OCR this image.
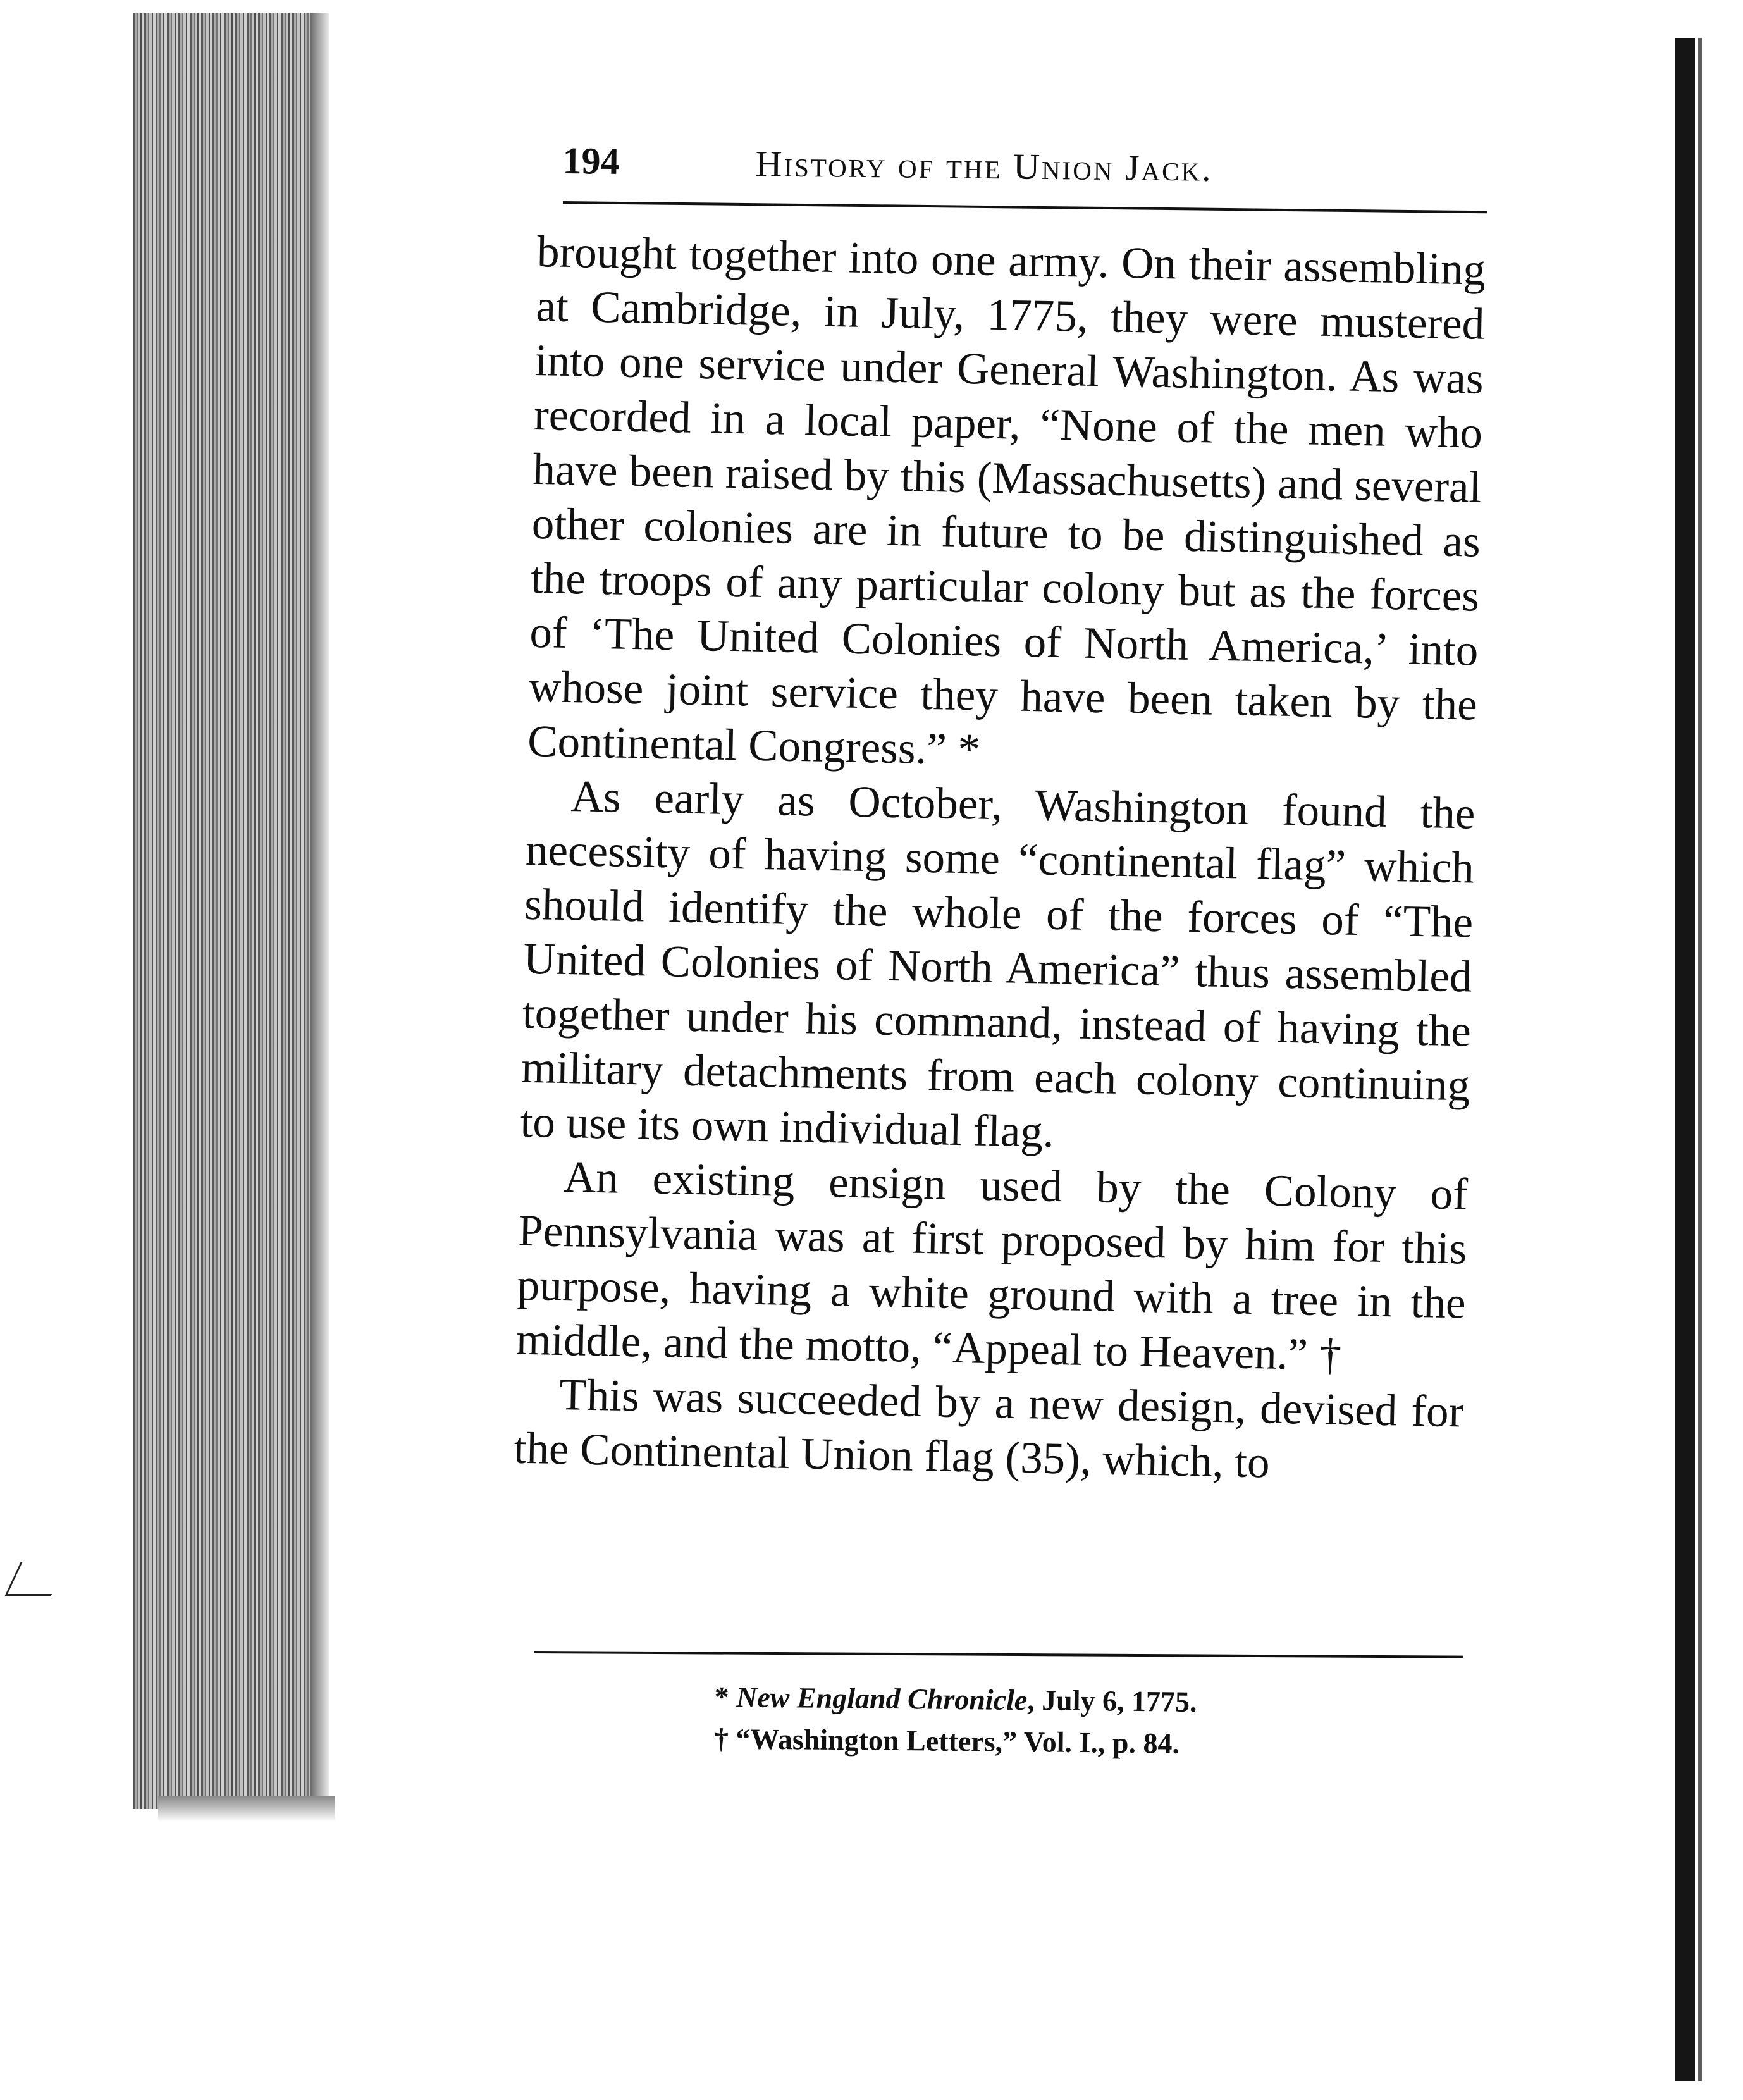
194	History of the Union Jack.

brought together into one army. On their assembling at Cambridge, in July, 1775, they were mustered into one service under General Washington. As was recorded in a local paper, “None of the men who have been raised by this (Massachusetts) and several other colonies are in future to be distinguished as the troops of any particular colony but as the forces of ‘The United Colonies of North America,’ into whose joint service they have been taken by the Continental Congress.” *

As early as October, Washington found the necessity of having some “continental flag” which should identify the whole of the forces of “The United Colonies of North America” thus assembled together under his command, instead of having the military detachments from each colony continuing to use its own individual flag.

An existing ensign used by the Colony of Pennsylvania was at first proposed by him for this purpose, having a white ground with a tree in the middle, and the motto, “Appeal to Heaven.” †

This was succeeded by a new design, devised for the Continental Union flag (35), which, to

* New England Chronicle, July 6, 1775.

† “Washington Letters,” Vol. I., p. 84.
